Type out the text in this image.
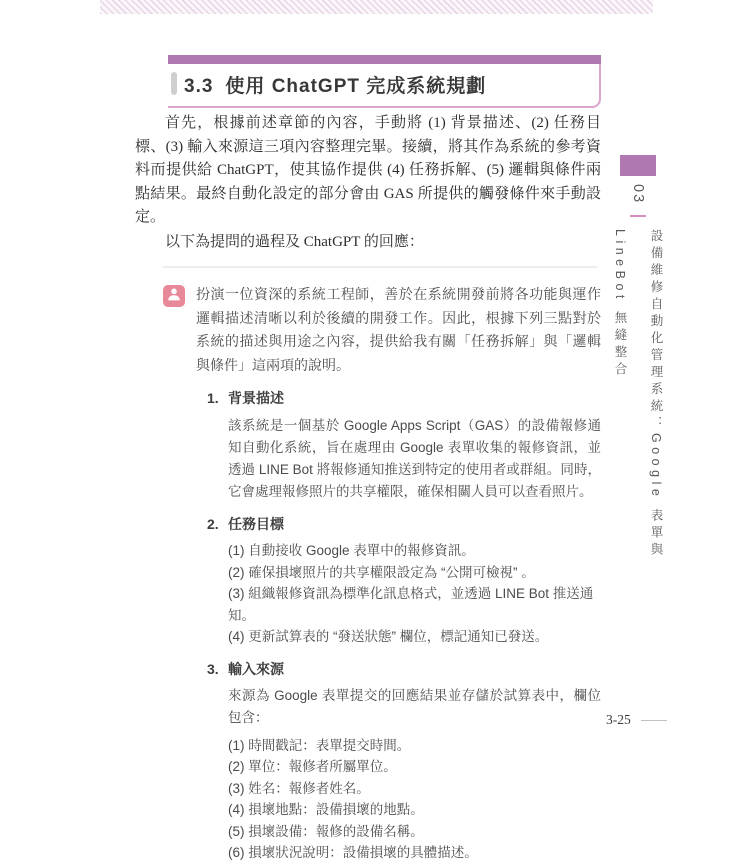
3.3 使用 ChatGPT 完成系統規劃

首先，根據前述章節的內容，手動將 (1) 背景描述、(2) 任務目標、(3) 輸入來源這三項內容整理完畢。接續，將其作為系統的參考資料而提供給 ChatGPT，使其協作提供 (4) 任務拆解、(5) 邏輯與條件兩點結果。最終自動化設定的部分會由 GAS 所提供的觸發條件來手動設定。

以下為提問的過程及 ChatGPT 的回應：

扮演一位資深的系統工程師，善於在系統開發前將各功能與運作邏輯描述清晰以利於後續的開發工作。因此，根據下列三點對於系統的描述與用途之內容，提供給我有關「任務拆解」與「邏輯與條件」這兩項的說明。
1. 背景描述
該系統是一個基於 Google Apps Script（GAS）的設備報修通知自動化系統，旨在處理由 Google 表單收集的報修資訊，並透過 LINE Bot 將報修通知推送到特定的使用者或群組。同時，它會處理報修照片的共享權限，確保相關人員可以查看照片。
2. 任務目標
(1) 自動接收 Google 表單中的報修資訊。
(2) 確保損壞照片的共享權限設定為 “公開可檢視” 。
(3) 組織報修資訊為標準化訊息格式，並透過 LINE Bot 推送通知。
(4) 更新試算表的 “發送狀態” 欄位，標記通知已發送。
3. 輸入來源
來源為 Google 表單提交的回應結果並存儲於試算表中，欄位包含：
(1) 時間戳記：表單提交時間。
(2) 單位：報修者所屬單位。
(3) 姓名：報修者姓名。
(4) 損壞地點：設備損壞的地點。
(5) 損壞設備：報修的設備名稱。
(6) 損壞狀況說明：設備損壞的具體描述。
03
設備維修自動化管理系統：Google 表單與 LineBot 無縫整合
3-25
